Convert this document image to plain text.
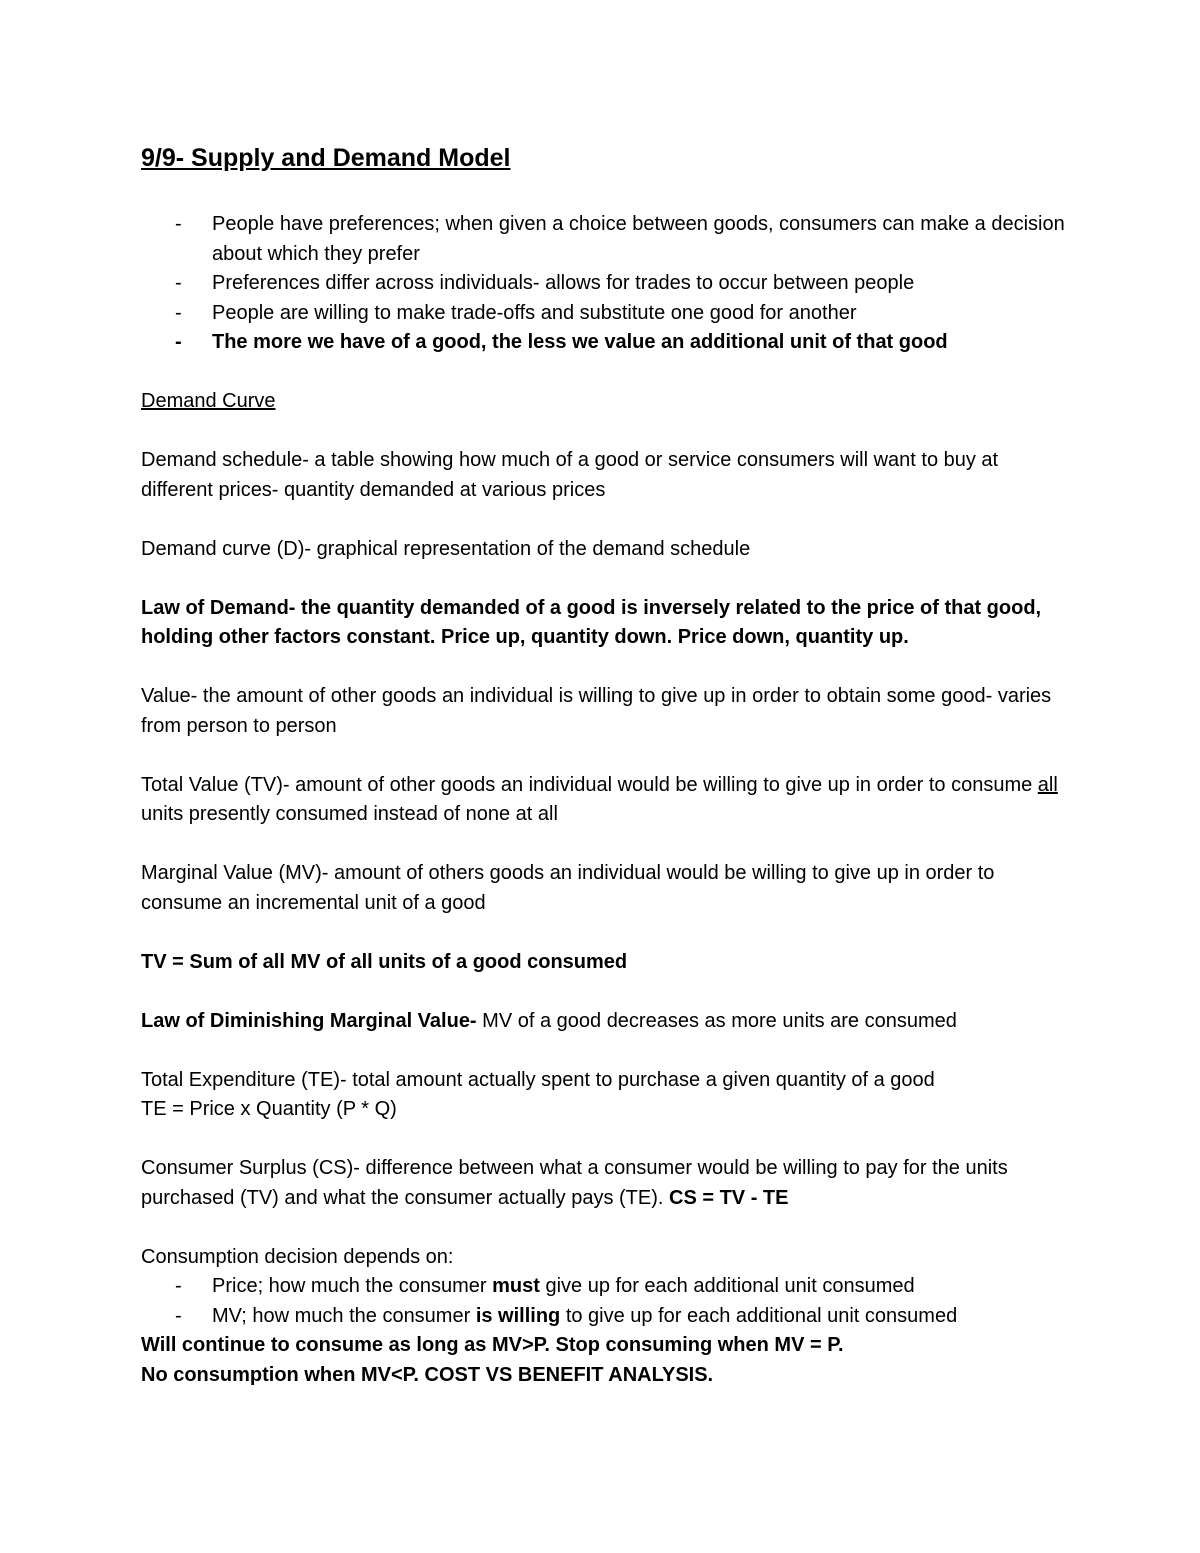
9/9- Supply and Demand Model
- People have preferences; when given a choice between goods, consumers can make a decision about which they prefer
- Preferences differ across individuals- allows for trades to occur between people
- People are willing to make trade-offs and substitute one good for another
- The more we have of a good, the less we value an additional unit of that good

Demand Curve

Demand schedule- a table showing how much of a good or service consumers will want to buy at different prices- quantity demanded at various prices

Demand curve (D)- graphical representation of the demand schedule

Law of Demand- the quantity demanded of a good is inversely related to the price of that good, holding other factors constant. Price up, quantity down. Price down, quantity up.

Value- the amount of other goods an individual is willing to give up in order to obtain some good- varies from person to person

Total Value (TV)- amount of other goods an individual would be willing to give up in order to consume all units presently consumed instead of none at all

Marginal Value (MV)- amount of others goods an individual would be willing to give up in order to consume an incremental unit of a good

TV = Sum of all MV of all units of a good consumed

Law of Diminishing Marginal Value- MV of a good decreases as more units are consumed

Total Expenditure (TE)- total amount actually spent to purchase a given quantity of a good
TE = Price x Quantity (P * Q)

Consumer Surplus (CS)- difference between what a consumer would be willing to pay for the units purchased (TV) and what the consumer actually pays (TE). CS = TV - TE

Consumption decision depends on:

- Price; how much the consumer must give up for each additional unit consumed
- MV; how much the consumer is willing to give up for each additional unit consumed

Will continue to consume as long as MV>P. Stop consuming when MV = P.

No consumption when MV<P. COST VS BENEFIT ANALYSIS.
